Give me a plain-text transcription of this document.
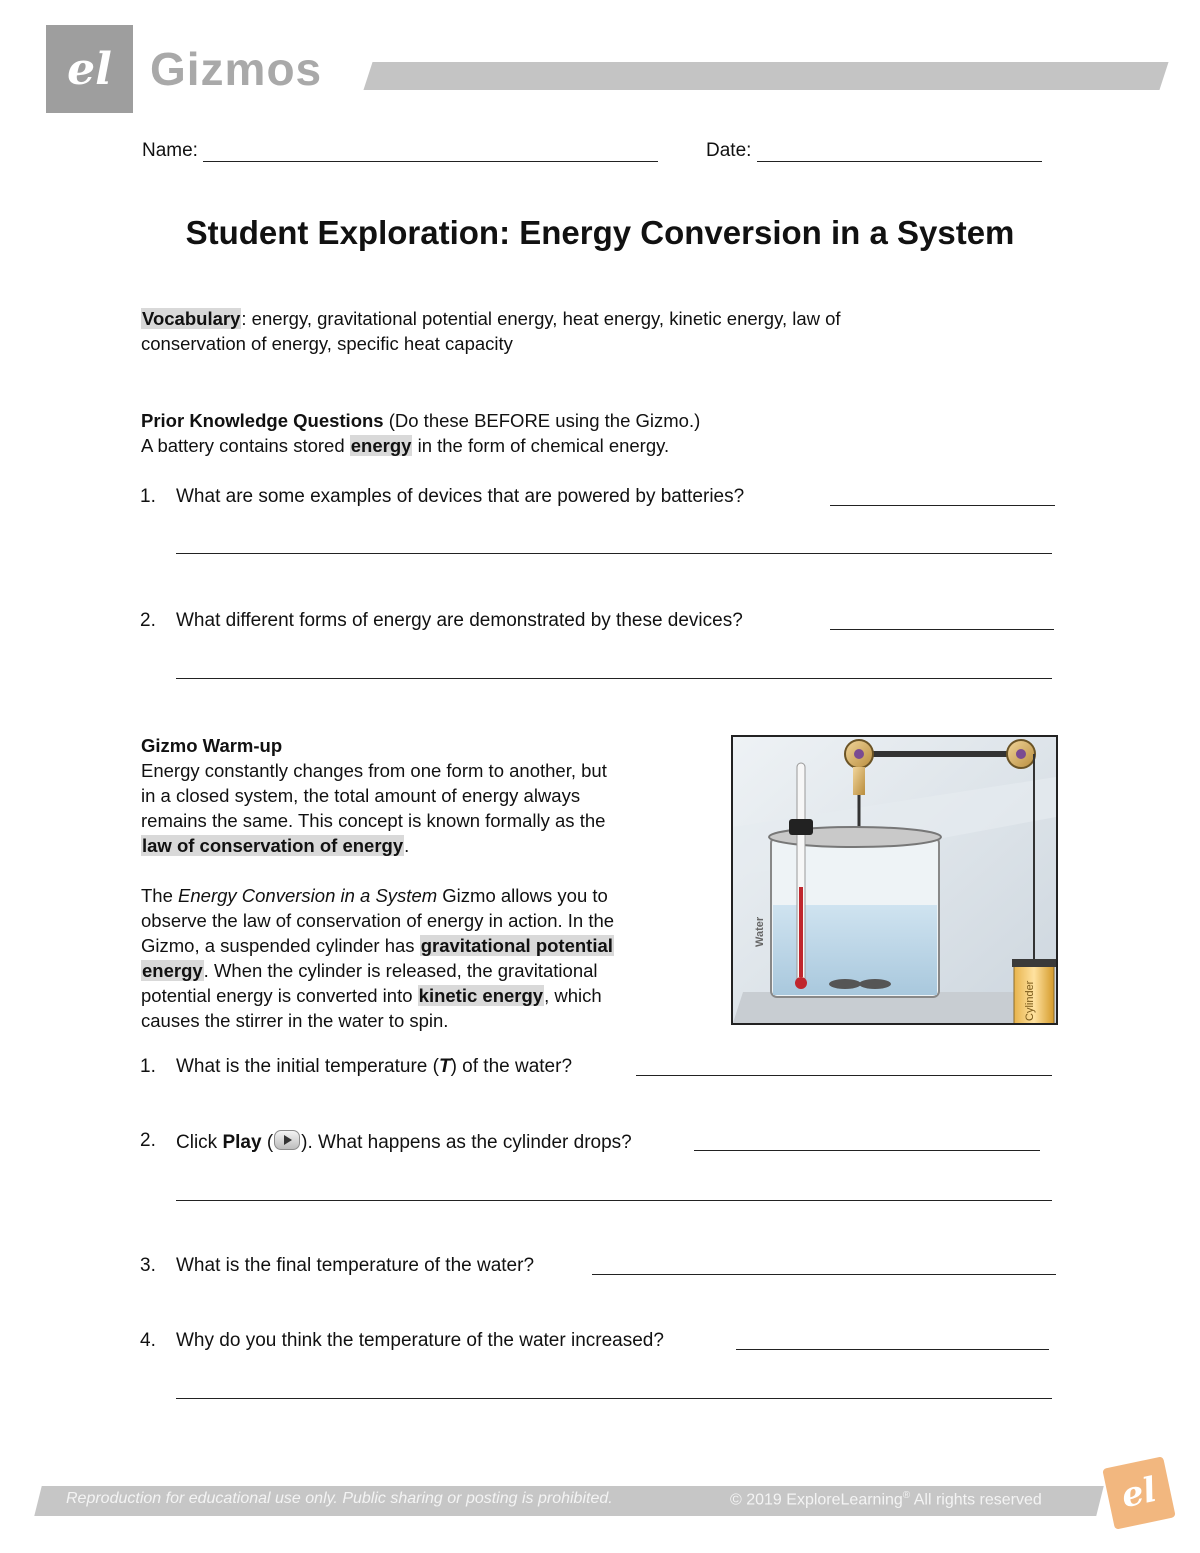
el Gizmos
Name:	Date:
Student Exploration: Energy Conversion in a System
Vocabulary: energy, gravitational potential energy, heat energy, kinetic energy, law of
conservation of energy, specific heat capacity
Prior Knowledge Questions (Do these BEFORE using the Gizmo.)
A battery contains stored energy in the form of chemical energy.
1. What are some examples of devices that are powered by batteries?
2. What different forms of energy are demonstrated by these devices?
Gizmo Warm-up
Energy constantly changes from one form to another, but
in a closed system, the total amount of energy always
remains the same. This concept is known formally as the
law of conservation of energy.
The Energy Conversion in a System Gizmo allows you to
observe the law of conservation of energy in action. In the
Gizmo, a suspended cylinder has gravitational potential
energy. When the cylinder is released, the gravitational
potential energy is converted into kinetic energy, which
causes the stirrer in the water to spin.
Water
Cylinder
1. What is the initial temperature (T) of the water?
2. Click Play ( ). What happens as the cylinder drops?
3. What is the final temperature of the water?
4. Why do you think the temperature of the water increased?
Reproduction for educational use only. Public sharing or posting is prohibited.	© 2019 ExploreLearning® All rights reserved el
